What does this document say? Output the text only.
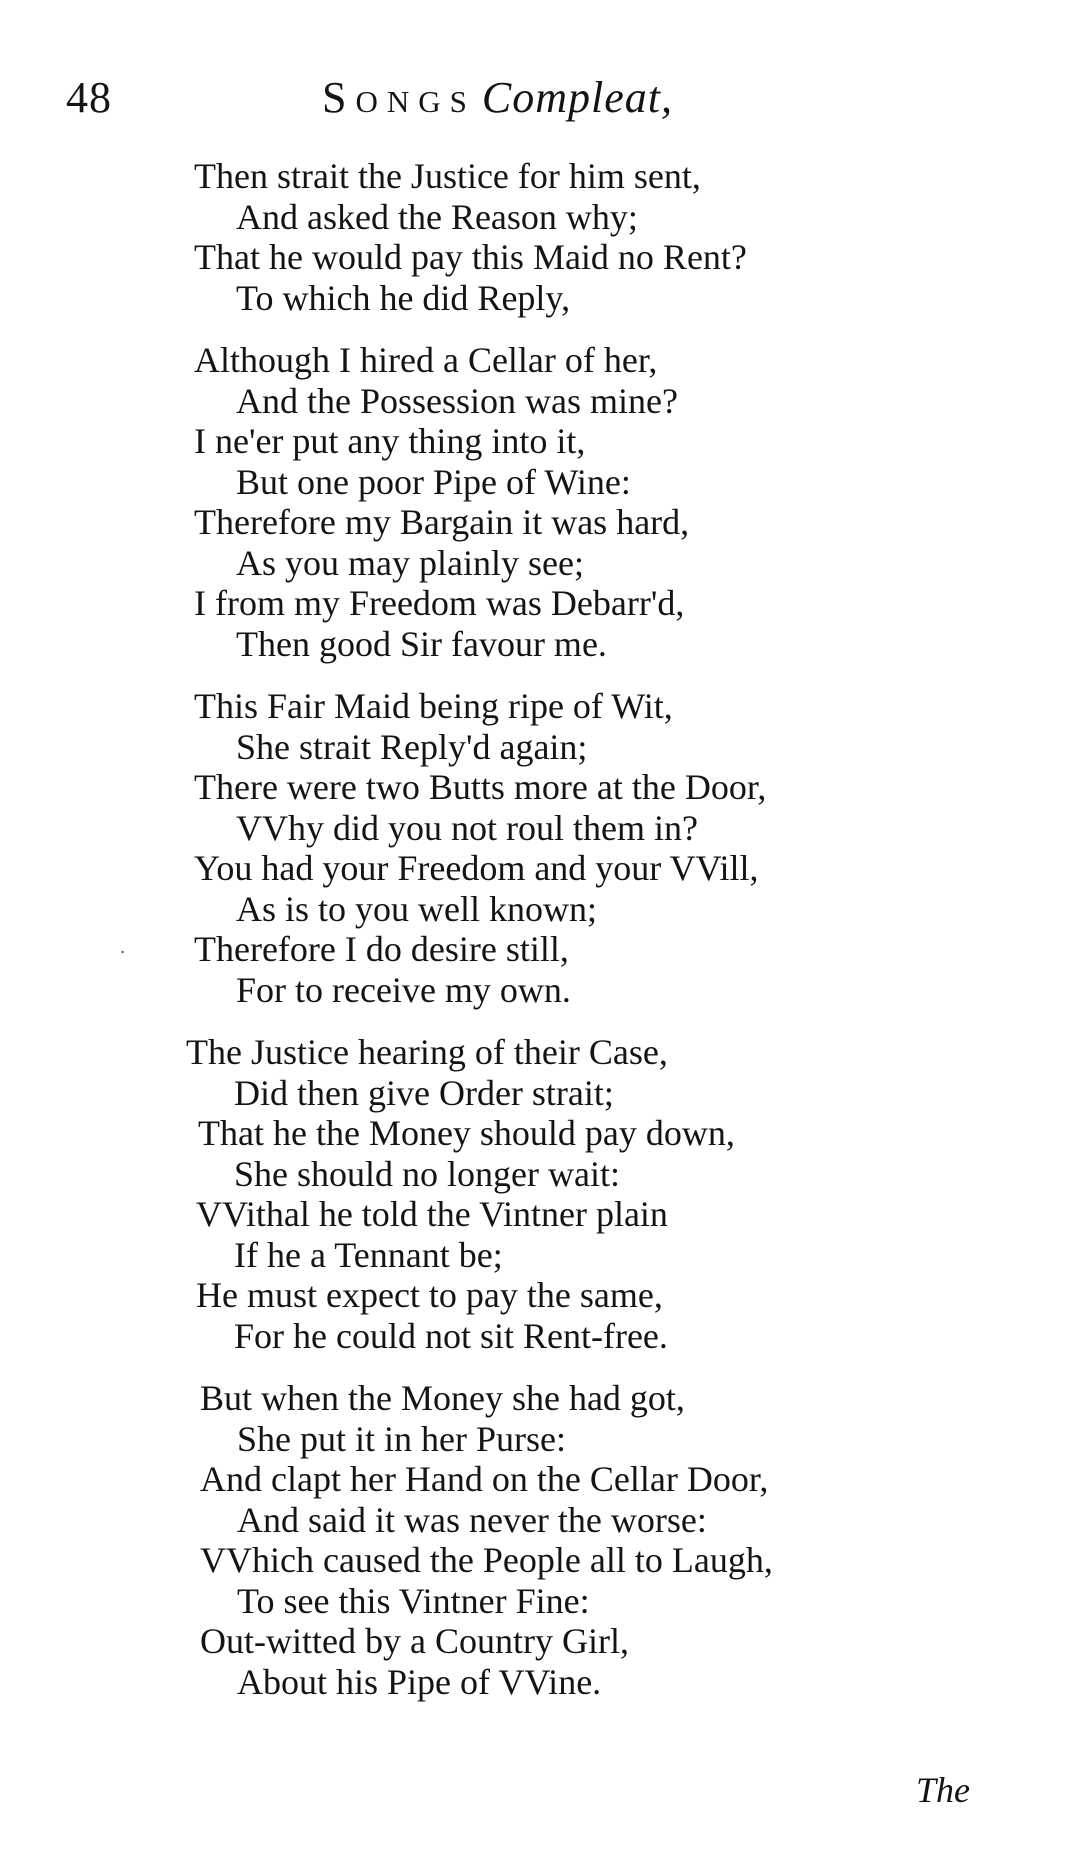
48	Songs Compleat,
Then strait the Justice for him sent,
And asked the Reason why;
That he would pay this Maid no Rent?
To which he did Reply,
Although I hired a Cellar of her,
And the Possession was mine?
I ne'er put any thing into it,
But one poor Pipe of Wine:
Therefore my Bargain it was hard,
As you may plainly see;
I from my Freedom was Debarr'd,
Then good Sir favour me.
This Fair Maid being ripe of Wit,
She strait Reply'd again;
There were two Butts more at the Door,
VVhy did you not roul them in?
You had your Freedom and your VVill,
As is to you well known;
Therefore I do desire still,
For to receive my own.
The Justice hearing of their Case,
Did then give Order strait;
That he the Money should pay down,
She should no longer wait:
VVithal he told the Vintner plain
If he a Tennant be;
He must expect to pay the same,
For he could not sit Rent-free.
But when the Money she had got,
She put it in her Purse:
And clapt her Hand on the Cellar Door,
And said it was never the worse:
VVhich caused the People all to Laugh,
To see this Vintner Fine:
Out-witted by a Country Girl,
About his Pipe of VVine.
The
